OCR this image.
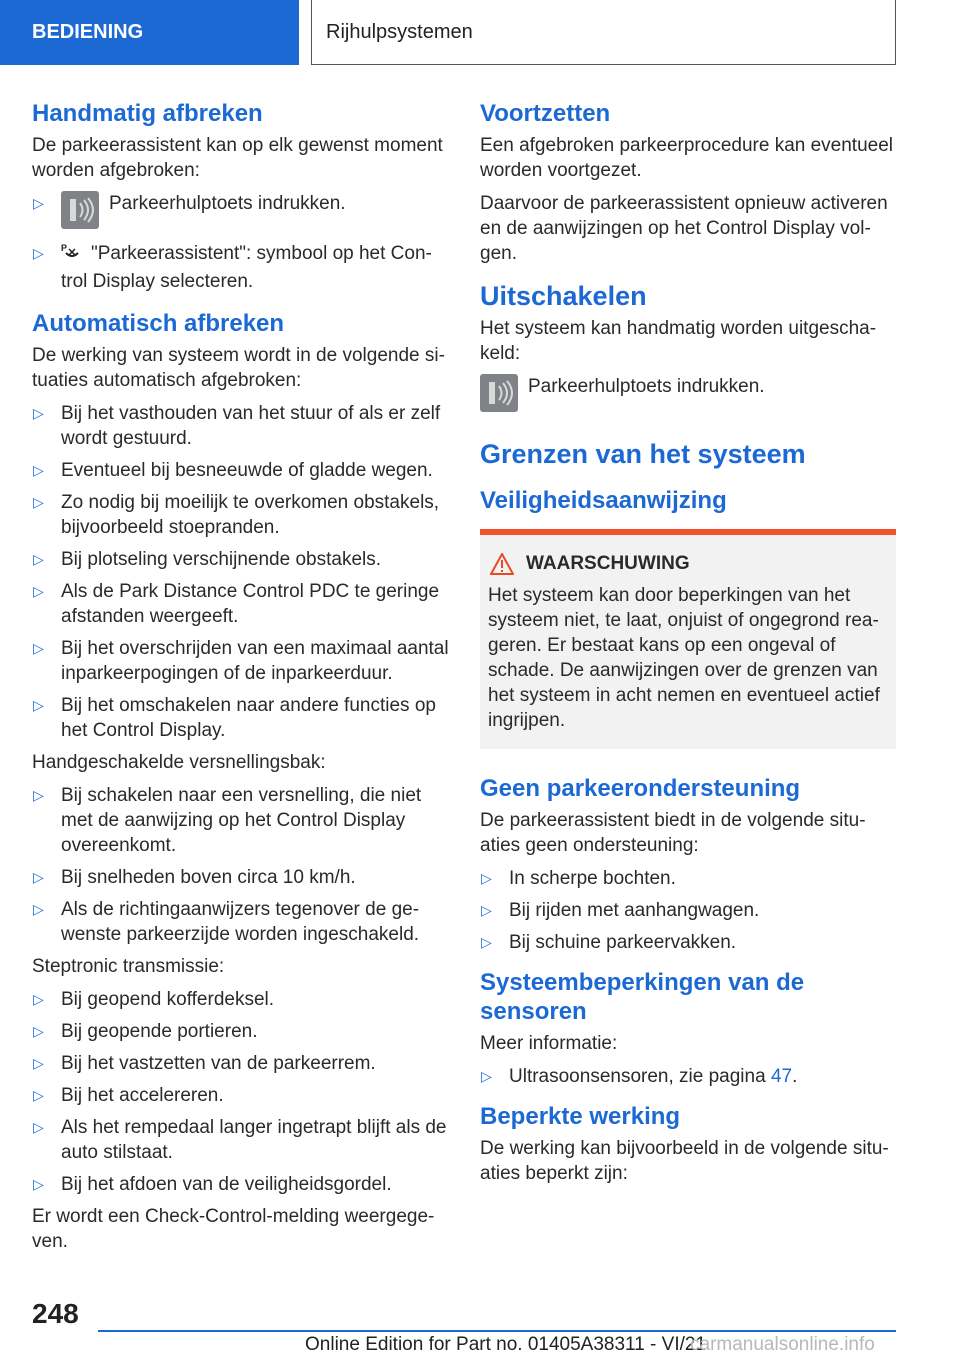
BEDIENING	Rijhulpsystemen
Handmatig afbreken

De parkeerassistent kan op elk gewenst moment worden afgebroken:

▷	Parkeerhulptoets indrukken.
▷ P "Parkeerassistent": symbool op het Control Display selecteren.
Automatisch afbreken

De werking van systeem wordt in de volgende situaties automatisch afgebroken:

▷ Bij het vasthouden van het stuur of als er zelf wordt gestuurd.
▷ Eventueel bij besneeuwde of gladde wegen.
▷ Zo nodig bij moeilijk te overkomen obstakels, bijvoorbeeld stoepranden.
▷ Bij plotseling verschijnende obstakels.
▷ Als de Park Distance Control PDC te geringe afstanden weergeeft.
▷ Bij het overschrijden van een maximaal aantal inparkeerpogingen of de inparkeerduur.
▷ Bij het omschakelen naar andere functies op het Control Display.

Handgeschakelde versnellingsbak:

▷ Bij schakelen naar een versnelling, die niet met de aanwijzing op het Control Display overeenkomt.
▷ Bij snelheden boven circa 10 km/h.
▷ Als de richtingaanwijzers tegenover de gewenste parkeerzijde worden ingeschakeld.

Steptronic transmissie:

▷ Bij geopend kofferdeksel.
▷ Bij geopende portieren.
▷ Bij het vastzetten van de parkeerrem.
▷ Bij het accelereren.
▷ Als het rempedaal langer ingetrapt blijft als de auto stilstaat.
▷ Bij het afdoen van de veiligheidsgordel.

Er wordt een Check-Control-melding weergegeven.

Voortzetten

Een afgebroken parkeerprocedure kan eventueel worden voortgezet.

Daarvoor de parkeerassistent opnieuw activeren en de aanwijzingen op het Control Display volgen.

Uitschakelen

Het systeem kan handmatig worden uitgeschakeld:

Parkeerhulptoets indrukken.
Grenzen van het systeem
Veiligheidsaanwijzing
WAARSCHUWING
Het systeem kan door beperkingen van het systeem niet, te laat, onjuist of ongegrond reageren. Er bestaat kans op een ongeval of schade. De aanwijzingen over de grenzen van het systeem in acht nemen en eventueel actief ingrijpen.
Geen parkeerondersteuning

De parkeerassistent biedt in de volgende situaties geen ondersteuning:

▷ In scherpe bochten.
▷ Bij rijden met aanhangwagen.
▷ Bij schuine parkeervakken.
Systeembeperkingen van de sensoren

Meer informatie:

▷ Ultrasoonsensoren, zie pagina 47.
Beperkte werking

De werking kan bijvoorbeeld in de volgende situaties beperkt zijn:

248
Online Edition for Part no. 01405A38311 - VI/21
carmanualsonline.info
